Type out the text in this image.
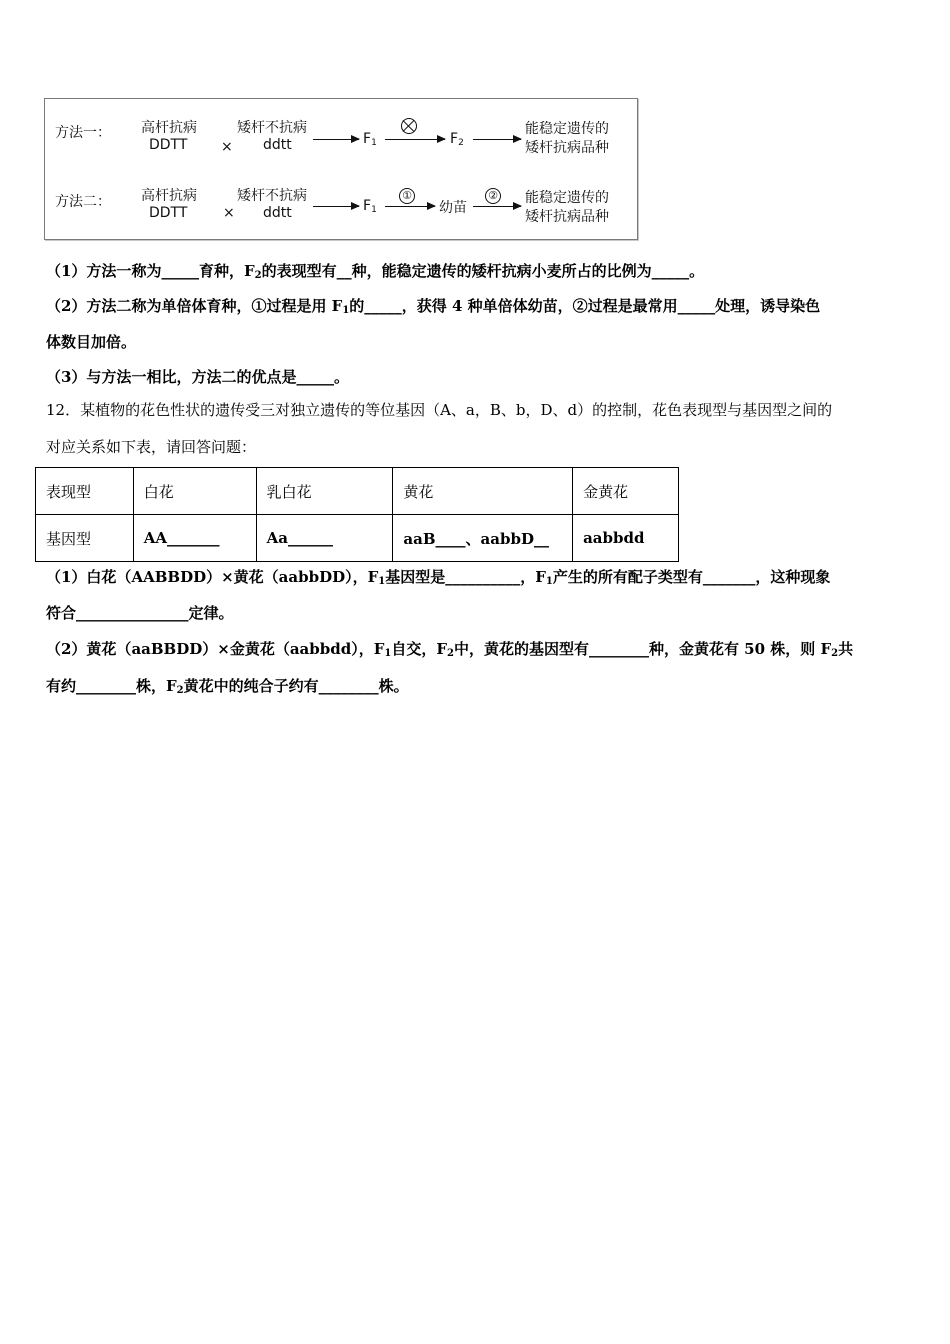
方法一： 高杆抗病
DDTT ×
矮杆不抗病
ddtt	$F_1$	$F_2$
能稳定遗传的
矮杆抗病品种
方法二： 高杆抗病
DDTT	×
矮杆不抗病
ddtt	$F_1$
①
幼苗
② 能稳定遗传的
矮杆抗病品种
（1）方法一称为_____育种，F2的表现型有__种，能稳定遗传的矮杆抗病小麦所占的比例为_____。
（2）方法二称为单倍体育种，①过程是用 F1的_____，获得 4 种单倍体幼苗，②过程是最常用_____处理，诱导染色
体数目加倍。
（3）与方法一相比，方法二的优点是_____。
12．某植物的花色性状的遗传受三对独立遗传的等位基因（A、a，B、b，D、d）的控制，花色表现型与基因型之间的
对应关系如下表，请回答问题：
表现型	白花	乳白花	黄花	金黄花
基因型	AA_______	Aa______	aaB____、aabbD__	aabbdd
（1）白花（AABBDD）×黄花（aabbDD），F1基因型是__________，F1产生的所有配子类型有_______，这种现象
符合_______________定律。
（2）黄花（aaBBDD）×金黄花（aabbdd），F1自交，F2中，黄花的基因型有________种，金黄花有 50 株，则 F2共
有约________株，F2黄花中的纯合子约有________株。
